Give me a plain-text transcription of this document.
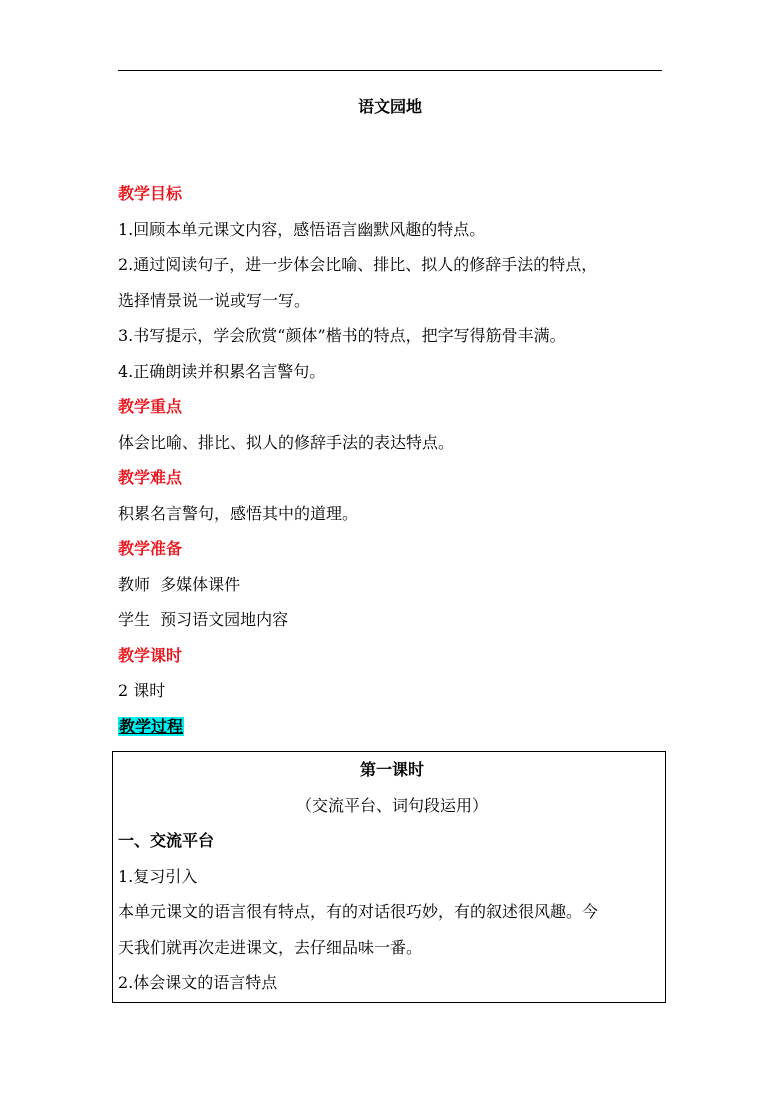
语文园地
教学目标
1.回顾本单元课文内容，感悟语言幽默风趣的特点。
2.通过阅读句子，进一步体会比喻、排比、拟人的修辞手法的特点，
选择情景说一说或写一写。
3.书写提示，学会欣赏“颜体”楷书的特点，把字写得筋骨丰满。
4.正确朗读并积累名言警句。
教学重点
体会比喻、排比、拟人的修辞手法的表达特点。
教学难点
积累名言警句，感悟其中的道理。
教学准备
教师  多媒体课件
学生  预习语文园地内容
教学课时
2 课时
教学过程
第一课时
（交流平台、词句段运用）
一、交流平台
1.复习引入
本单元课文的语言很有特点，有的对话很巧妙，有的叙述很风趣。今
天我们就再次走进课文，去仔细品味一番。
2.体会课文的语言特点
